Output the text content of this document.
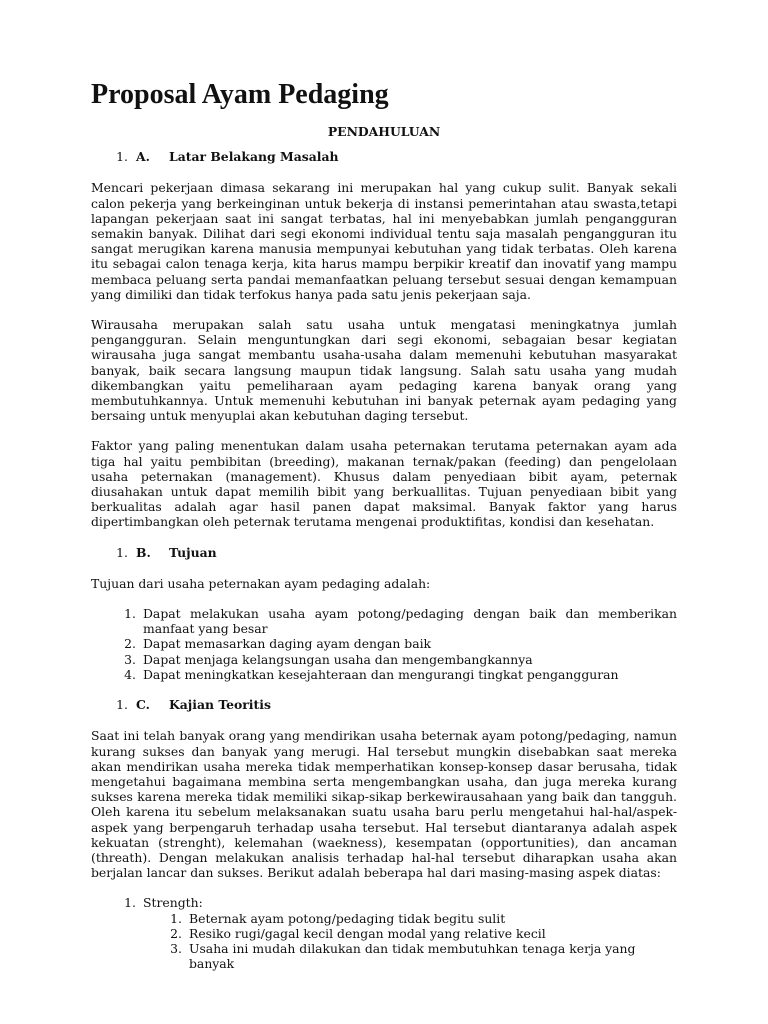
Proposal Ayam Pedaging
PENDAHULUAN
1. A.	Latar Belakang Masalah

Mencari pekerjaan dimasa sekarang ini merupakan hal yang cukup sulit. Banyak sekali calon pekerja yang berkeinginan untuk bekerja di instansi pemerintahan atau swasta,tetapi lapangan pekerjaan saat ini sangat terbatas, hal ini menyebabkan jumlah pengangguran semakin banyak. Dilihat dari segi ekonomi individual tentu saja masalah pengangguran itu sangat merugikan karena manusia mempunyai kebutuhan yang tidak terbatas. Oleh karena itu sebagai calon tenaga kerja, kita harus mampu berpikir kreatif dan inovatif yang mampu membaca peluang serta pandai memanfaatkan peluang tersebut sesuai dengan kemampuan yang dimiliki dan tidak terfokus hanya pada satu jenis pekerjaan saja.

Wirausaha merupakan salah satu usaha untuk mengatasi meningkatnya jumlah pengangguran. Selain menguntungkan dari segi ekonomi, sebagaian besar kegiatan wirausaha juga sangat membantu usaha-usaha dalam memenuhi kebutuhan masyarakat banyak, baik secara langsung maupun tidak langsung. Salah satu usaha yang mudah dikembangkan yaitu pemeliharaan ayam pedaging karena banyak orang yang membutuhkannya. Untuk memenuhi kebutuhan ini banyak peternak ayam pedaging yang bersaing untuk menyuplai akan kebutuhan daging tersebut.

Faktor yang paling menentukan dalam usaha peternakan terutama peternakan ayam ada tiga hal yaitu pembibitan (breeding), makanan ternak/pakan (feeding) dan pengelolaan usaha peternakan (management). Khusus dalam penyediaan bibit ayam, peternak diusahakan untuk dapat memilih bibit yang berkuallitas. Tujuan penyediaan bibit yang berkualitas adalah agar hasil panen dapat maksimal. Banyak faktor yang harus dipertimbangkan oleh peternak terutama mengenai produktifitas, kondisi dan kesehatan.

1. B.	Tujuan

Tujuan dari usaha peternakan ayam pedaging adalah:

1. Dapat melakukan usaha ayam potong/pedaging dengan baik dan memberikan manfaat yang besar
2. Dapat memasarkan daging ayam dengan baik
3. Dapat menjaga kelangsungan usaha dan mengembangkannya
4. Dapat meningkatkan kesejahteraan dan mengurangi tingkat pengangguran
1. C.	Kajian Teoritis

Saat ini telah banyak orang yang mendirikan usaha beternak ayam potong/pedaging, namun kurang sukses dan banyak yang merugi. Hal tersebut mungkin disebabkan saat mereka akan mendirikan usaha mereka tidak memperhatikan konsep-konsep dasar berusaha, tidak mengetahui bagaimana membina serta mengembangkan usaha, dan juga mereka kurang sukses karena mereka tidak memiliki sikap-sikap berkewirausahaan yang baik dan tangguh. Oleh karena itu sebelum melaksanakan suatu usaha baru perlu mengetahui hal-hal/aspek-aspek yang berpengaruh terhadap usaha tersebut. Hal tersebut diantaranya adalah aspek kekuatan (strenght), kelemahan (waekness), kesempatan (opportunities), dan ancaman (threath). Dengan melakukan analisis terhadap hal-hal tersebut diharapkan usaha akan berjalan lancar dan sukses. Berikut adalah beberapa hal dari masing-masing aspek diatas:

1. Strength:
1. Beternak ayam potong/pedaging tidak begitu sulit
2. Resiko rugi/gagal kecil dengan modal yang relative kecil
3. Usaha ini mudah dilakukan dan tidak membutuhkan tenaga kerja yang banyak
